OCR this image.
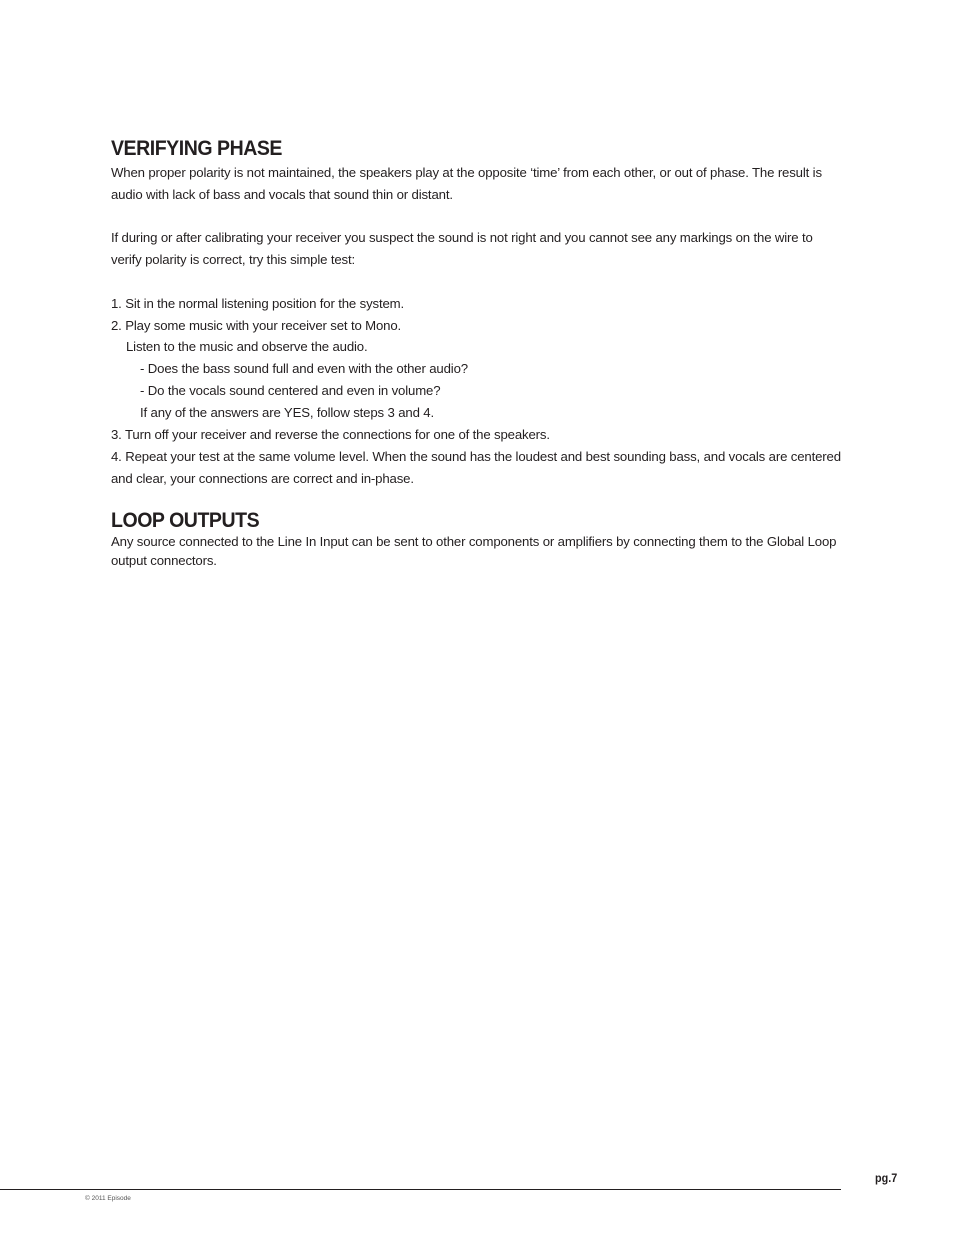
VERIFYING PHASE

When proper polarity is not maintained, the speakers play at the opposite ‘time’ from each other, or out of phase. The result is audio with lack of bass and vocals that sound thin or distant.

If during or after calibrating your receiver you suspect the sound is not right and you cannot see any markings on the wire to verify polarity is correct, try this simple test:

1. Sit in the normal listening position for the system.

2. Play some music with your receiver set to Mono.

Listen to the music and observe the audio.

- Does the bass sound full and even with the other audio?

- Do the vocals sound centered and even in volume?

If any of the answers are YES, follow steps 3 and 4.

3. Turn off your receiver and reverse the connections for one of the speakers.

4. Repeat your test at the same volume level. When the sound has the loudest and best sounding bass, and vocals are centered and clear, your connections are correct and in-phase.

LOOP OUTPUTS

Any source connected to the Line In Input can be sent to other components or amplifiers by connecting them to the Global Loop output connectors.

pg.7
© 2011 Episode
